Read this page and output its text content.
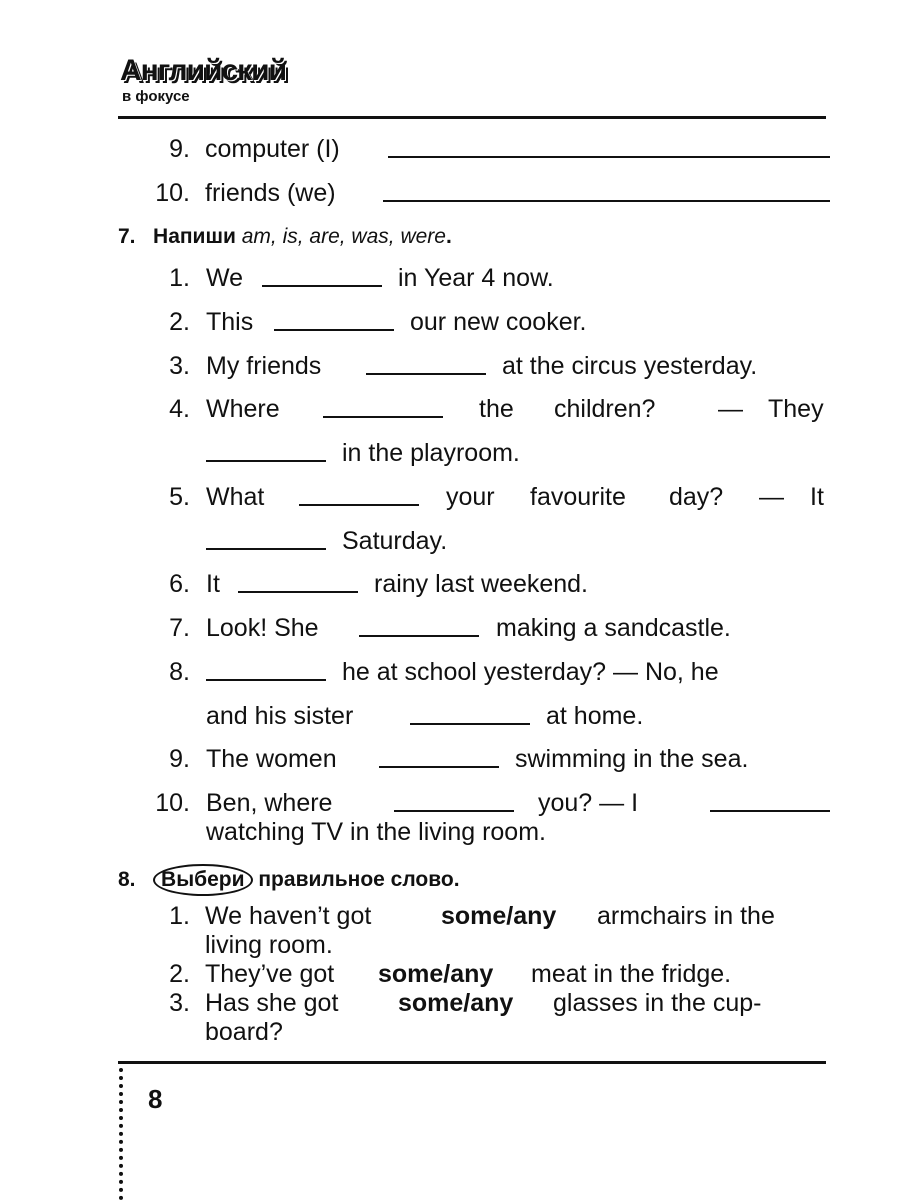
Английский
в фокусе
9. computer (I)
10. friends (we)
7. Напиши am, is, are, was, were.
1. We	in Year 4 now.
2. This	our new cooker.
3. My friends	at the circus yesterday.
4. Where	the children?	— They
in the playroom.
5. What	your favourite day? — It
Saturday.
6. It	rainy last weekend.
7. Look! She	making a sandcastle.
8.	he at school yesterday? — No, he
and his sister	at home.
9. The women	swimming in the sea.
10. Ben, where	you? — I
watching TV in the living room.
8. Выбери правильное слово.
1. We haven’t got	some/any armchairs in the
living room.
2. They’ve got some/any meat in the fridge.
3. Has she got some/any glasses in the cup-
board?
8
